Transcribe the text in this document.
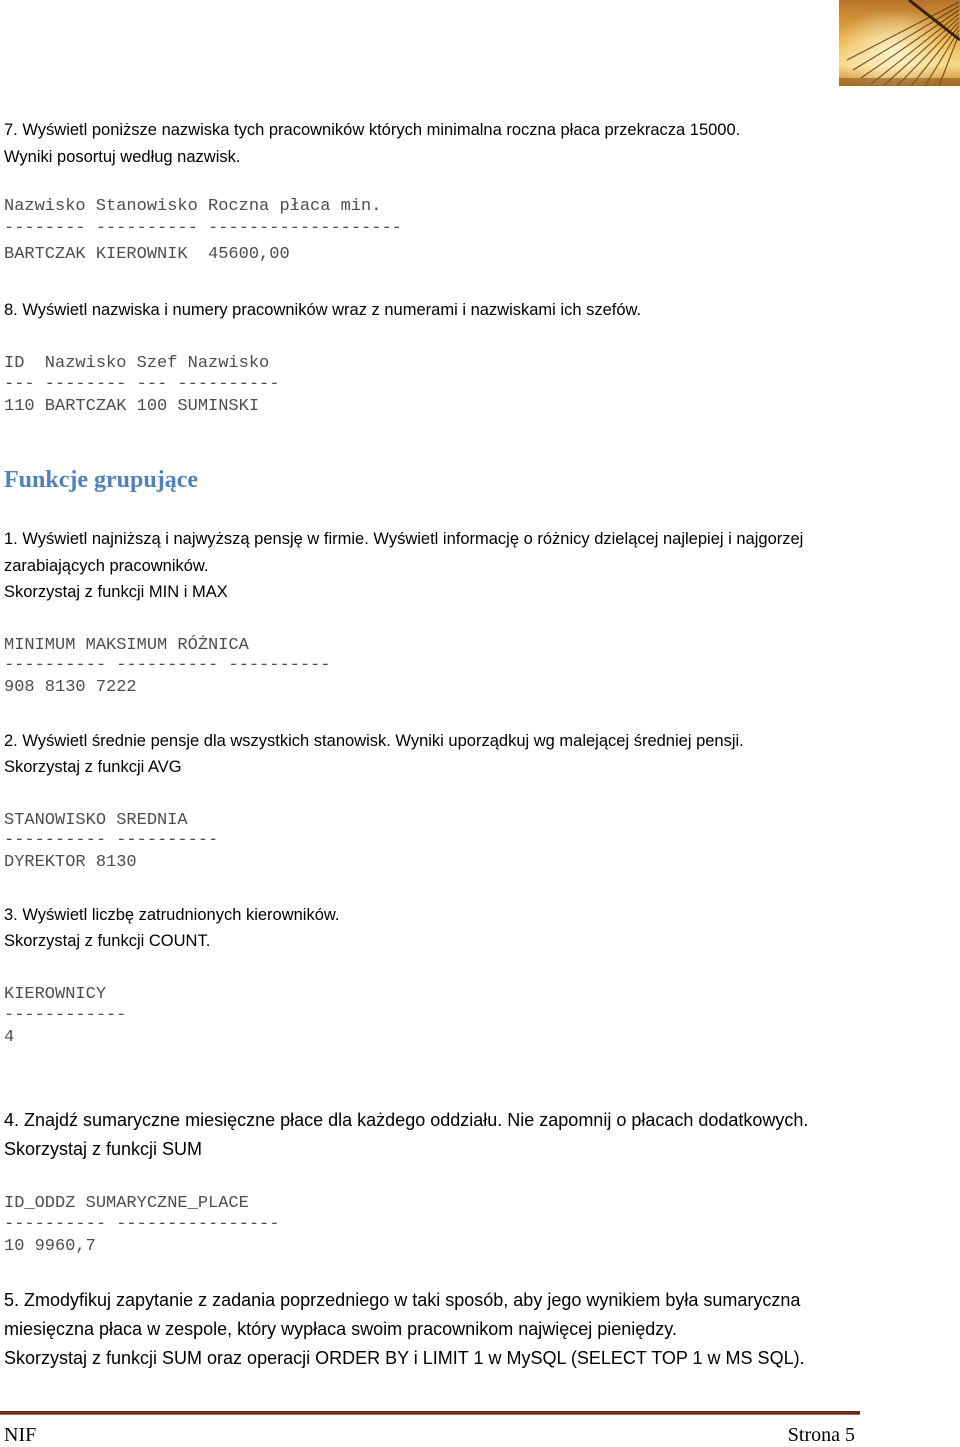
7. Wyświetl poniższe nazwiska tych pracowników których minimalna roczna płaca przekracza 15000.

Wyniki posortuj według nazwisk.

Nazwisko Stanowisko Roczna płaca min.

-------- ---------- -------------------

BARTCZAK KIEROWNIK  45600,00

8. Wyświetl nazwiska i numery pracowników wraz z numerami i nazwiskami ich szefów.

ID  Nazwisko Szef Nazwisko

--- -------- --- ----------

110 BARTCZAK 100 SUMINSKI

Funkcje grupujące

1. Wyświetl najniższą i najwyższą pensję w firmie. Wyświetl informację o różnicy dzielącej najlepiej i najgorzej

zarabiających pracowników.

Skorzystaj z funkcji MIN i MAX

MINIMUM MAKSIMUM RÓŻNICA

---------- ---------- ----------

908 8130 7222

2. Wyświetl średnie pensje dla wszystkich stanowisk. Wyniki uporządkuj wg malejącej średniej pensji.

Skorzystaj z funkcji AVG

STANOWISKO SREDNIA

---------- ----------

DYREKTOR 8130

3. Wyświetl liczbę zatrudnionych kierowników.

Skorzystaj z funkcji COUNT.

KIEROWNICY

------------

4

4. Znajdź sumaryczne miesięczne płace dla każdego oddziału. Nie zapomnij o płacach dodatkowych.

Skorzystaj z funkcji SUM

ID_ODDZ SUMARYCZNE_PLACE

---------- ----------------

10 9960,7

5. Zmodyfikuj zapytanie z zadania poprzedniego w taki sposób, aby jego wynikiem była sumaryczna

miesięczna płaca w zespole, który wypłaca swoim pracownikom najwięcej pieniędzy.

Skorzystaj z funkcji SUM oraz operacji ORDER BY i LIMIT 1 w MySQL (SELECT TOP 1 w MS SQL).

NIF	Strona 5
